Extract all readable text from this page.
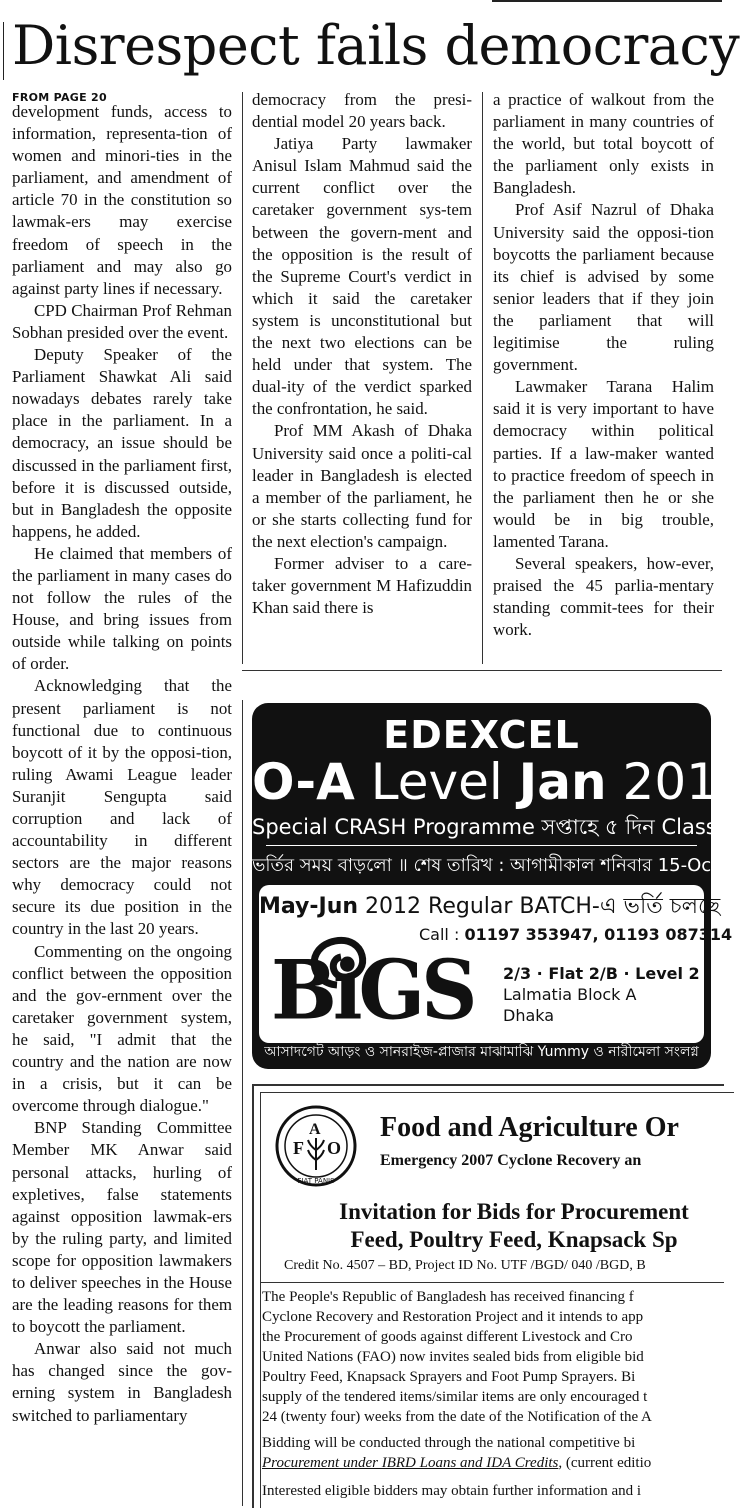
Disrespect fails democracy
FROM PAGE 20

development funds, access to information, representa-tion of women and minori-ties in the parliament, and amendment of article 70 in the constitution so lawmak-ers may exercise freedom of speech in the parliament and may also go against party lines if necessary.

CPD Chairman Prof Rehman Sobhan presided over the event.

Deputy Speaker of the Parliament Shawkat Ali said nowadays debates rarely take place in the parliament. In a democracy, an issue should be discussed in the parliament first, before it is discussed outside, but in Bangladesh the opposite happens, he added.

He claimed that members of the parliament in many cases do not follow the rules of the House, and bring issues from outside while talking on points of order.

Acknowledging that the present parliament is not functional due to continuous boycott of it by the opposi-tion, ruling Awami League leader Suranjit Sengupta said corruption and lack of accountability in different sectors are the major reasons why democracy could not secure its due position in the country in the last 20 years.

Commenting on the ongoing conflict between the opposition and the gov-ernment over the caretaker government system, he said, "I admit that the country and the nation are now in a crisis, but it can be overcome through dialogue."

BNP Standing Committee Member MK Anwar said personal attacks, hurling of expletives, false statements against opposition lawmak-ers by the ruling party, and limited scope for opposition lawmakers to deliver speeches in the House are the leading reasons for them to boycott the parliament.

Anwar also said not much has changed since the gov-erning system in Bangladesh switched to parliamentary

democracy from the presi-dential model 20 years back.

Jatiya Party lawmaker Anisul Islam Mahmud said the current conflict over the caretaker government sys-tem between the govern-ment and the opposition is the result of the Supreme Court's verdict in which it said the caretaker system is unconstitutional but the next two elections can be held under that system. The dual-ity of the verdict sparked the confrontation, he said.

Prof MM Akash of Dhaka University said once a politi-cal leader in Bangladesh is elected a member of the parliament, he or she starts collecting fund for the next election's campaign.

Former adviser to a care-taker government M Hafizuddin Khan said there is

a practice of walkout from the parliament in many countries of the world, but total boycott of the parliament only exists in Bangladesh.

Prof Asif Nazrul of Dhaka University said the opposi-tion boycotts the parliament because its chief is advised by some senior leaders that if they join the parliament that will legitimise the ruling government.

Lawmaker Tarana Halim said it is very important to have democracy within political parties. If a law-maker wanted to practice freedom of speech in the parliament then he or she would be in big trouble, lamented Tarana.

Several speakers, how-ever, praised the 45 parlia-mentary standing commit-tees for their work.

EDEXCEL
O-A Level Jan 2012
Special CRASH Programme সপ্তাহে ৫ দিন Class
ভর্তির সময় বাড়লো ॥ শেষ তারিখ : আগামীকাল শনিবার 15-Oct-11
May-Jun 2012 Regular BATCH-এ ভর্তি চলছে
BiGS
Call : 01197 353947, 01193 087314
2/3 · Flat 2/B · Level 2
Lalmatia Block A
Dhaka
আসাদগেট আড়ং ও সানরাইজ-প্লাজার মাঝামাঝি Yummy ও নারীমেলা সংলগ্ন
F O
A
FIAT PANIS
Food and Agriculture Or
Emergency 2007 Cyclone Recovery an
Invitation for Bids for Procurement
Feed, Poultry Feed, Knapsack Sp
Credit No. 4507 – BD, Project ID No. UTF /BGD/ 040 /BGD, B
The People's Republic of Bangladesh has received financing f
Cyclone Recovery and Restoration Project and it intends to app
the Procurement of goods against different Livestock and Cro
United Nations (FAO) now invites sealed bids from eligible bid
Poultry Feed, Knapsack Sprayers and Foot Pump Sprayers. Bi
supply of the tendered items/similar items are only encouraged t
24 (twenty four) weeks from the date of the Notification of the A
Bidding will be conducted through the national competitive bi
Procurement under IBRD Loans and IDA Credits, (current editio
Interested eligible bidders may obtain further information and i
